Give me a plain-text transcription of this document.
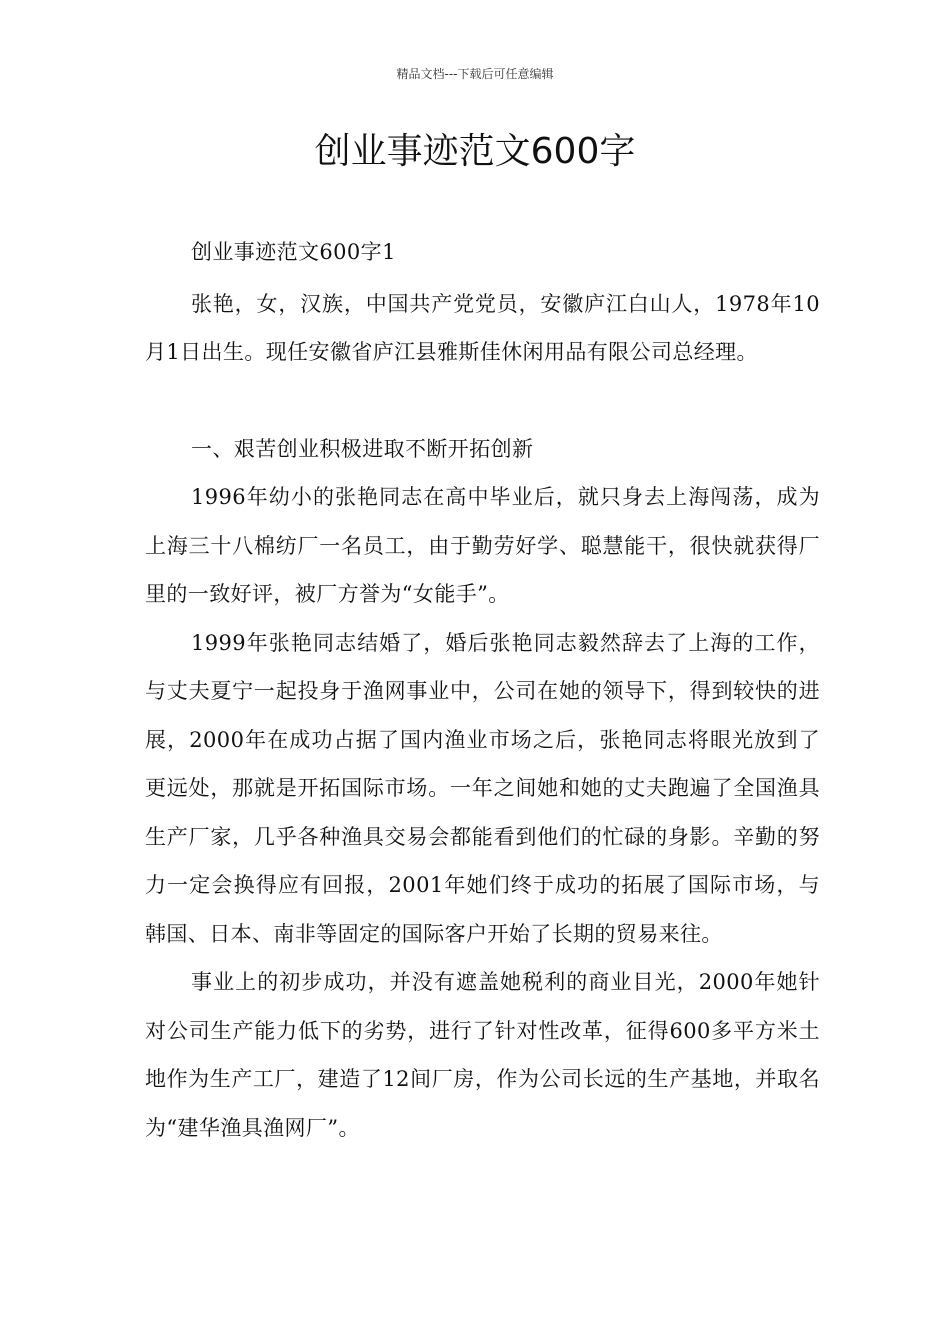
精品文档---下载后可任意编辑
创业事迹范文600字

创业事迹范文600字1

张艳，女，汉族，中国共产党党员，安徽庐江白山人，1978年10月1日出生。现任安徽省庐江县雅斯佳休闲用品有限公司总经理。

一、艰苦创业积极进取不断开拓创新

1996年幼小的张艳同志在高中毕业后，就只身去上海闯荡，成为上海三十八棉纺厂一名员工，由于勤劳好学、聪慧能干，很快就获得厂里的一致好评，被厂方誉为“女能手”。

1999年张艳同志结婚了，婚后张艳同志毅然辞去了上海的工作，与丈夫夏宁一起投身于渔网事业中，公司在她的领导下，得到较快的进展，2000年在成功占据了国内渔业市场之后，张艳同志将眼光放到了更远处，那就是开拓国际市场。一年之间她和她的丈夫跑遍了全国渔具生产厂家，几乎各种渔具交易会都能看到他们的忙碌的身影。辛勤的努力一定会换得应有回报，2001年她们终于成功的拓展了国际市场，与韩国、日本、南非等固定的国际客户开始了长期的贸易来往。

事业上的初步成功，并没有遮盖她税利的商业目光，2000年她针对公司生产能力低下的劣势，进行了针对性改革，征得600多平方米土地作为生产工厂，建造了12间厂房，作为公司长远的生产基地，并取名为“建华渔具渔网厂”。
